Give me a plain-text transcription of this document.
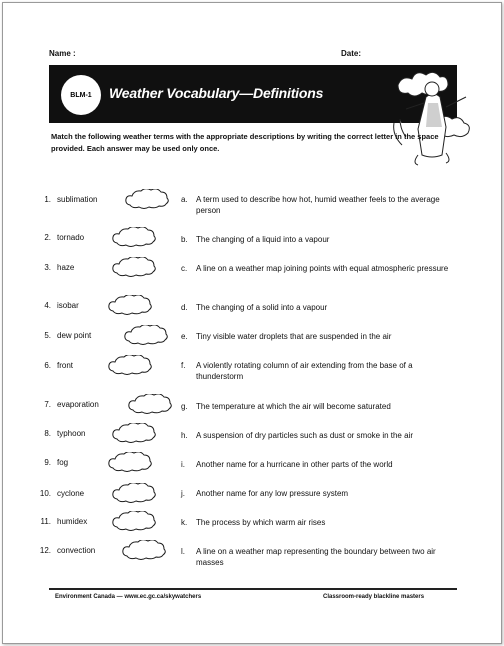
Name :	Date:
BLM-1	Weather Vocabulary—Definitions
Match the following weather terms with the appropriate descriptions by writing the correct letter in the space provided. Each answer may be used only once.
1. sublimation
2. tornado
3. haze
4. isobar
5. dew point
6. front
7. evaporation
8. typhoon
9. fog
10. cyclone
11. humidex
12. convection
a. A term used to describe how hot, humid weather feels to the average person
b. The changing of a liquid into a vapour
c. A line on a weather map joining points with equal atmospheric pressure
d. The changing of a solid into a vapour
e. Tiny visible water droplets that are suspended in the air
f. A violently rotating column of air extending from the base of a thunderstorm
g. The temperature at which the air will become saturated
h. A suspension of dry particles such as dust or smoke in the air
i. Another name for a hurricane in other parts of the world
j. Another name for any low pressure system
k. The process by which warm air rises
l. A line on a weather map representing the boundary between two air masses
Environment Canada — www.ec.gc.ca/skywatchers	Classroom-ready blackline masters
